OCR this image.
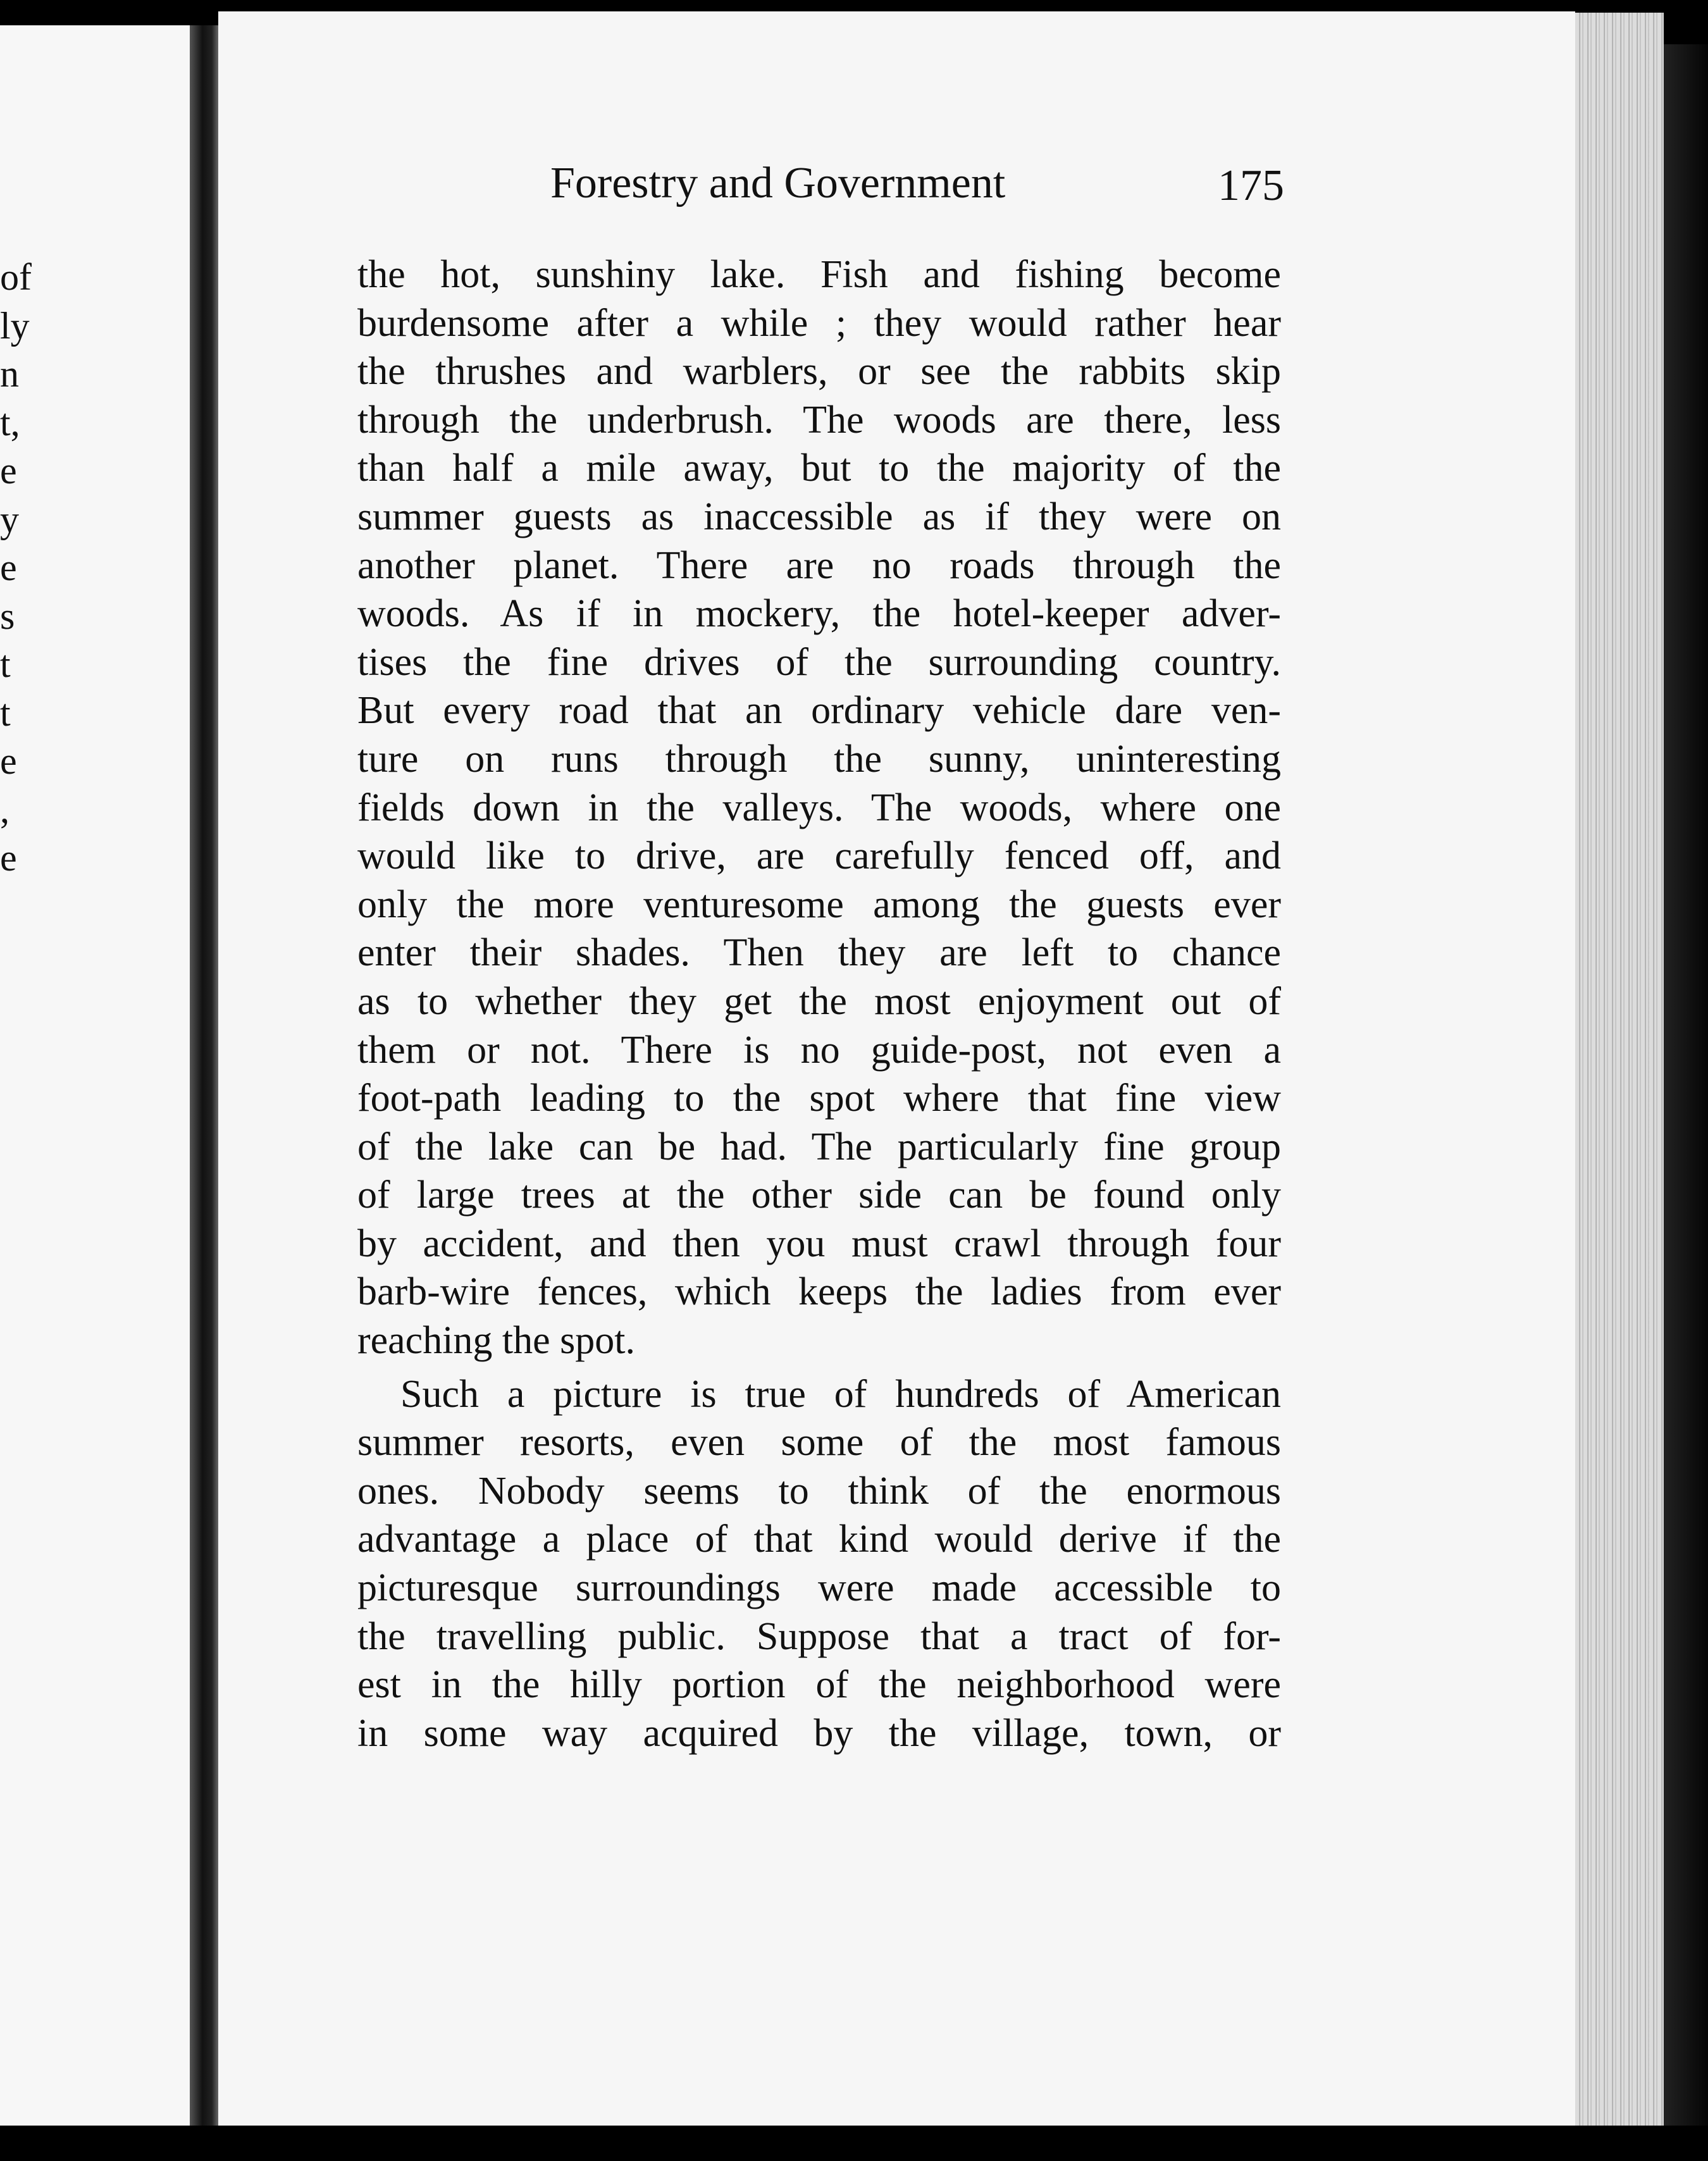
of
ly
n
t,
e
y
e
s
t
t
e
,
e
Forestry and Government	175
the hot, sunshiny lake. Fish and fishing become
burdensome after a while ; they would rather hear
the thrushes and warblers, or see the rabbits skip
through the underbrush. The woods are there, less
than half a mile away, but to the majority of the
summer guests as inaccessible as if they were on
another planet. There are no roads through the
woods. As if in mockery, the hotel-keeper adver-
tises the fine drives of the surrounding country.
But every road that an ordinary vehicle dare ven-
ture on runs through the sunny, uninteresting
fields down in the valleys. The woods, where one
would like to drive, are carefully fenced off, and
only the more venturesome among the guests ever
enter their shades. Then they are left to chance
as to whether they get the most enjoyment out of
them or not. There is no guide-post, not even a
foot-path leading to the spot where that fine view
of the lake can be had. The particularly fine group
of large trees at the other side can be found only
by accident, and then you must crawl through four
barb-wire fences, which keeps the ladies from ever
reaching the spot.
Such a picture is true of hundreds of American
summer resorts, even some of the most famous
ones. Nobody seems to think of the enormous
advantage a place of that kind would derive if the
picturesque surroundings were made accessible to
the travelling public. Suppose that a tract of for-
est in the hilly portion of the neighborhood were
in some way acquired by the village, town, or
